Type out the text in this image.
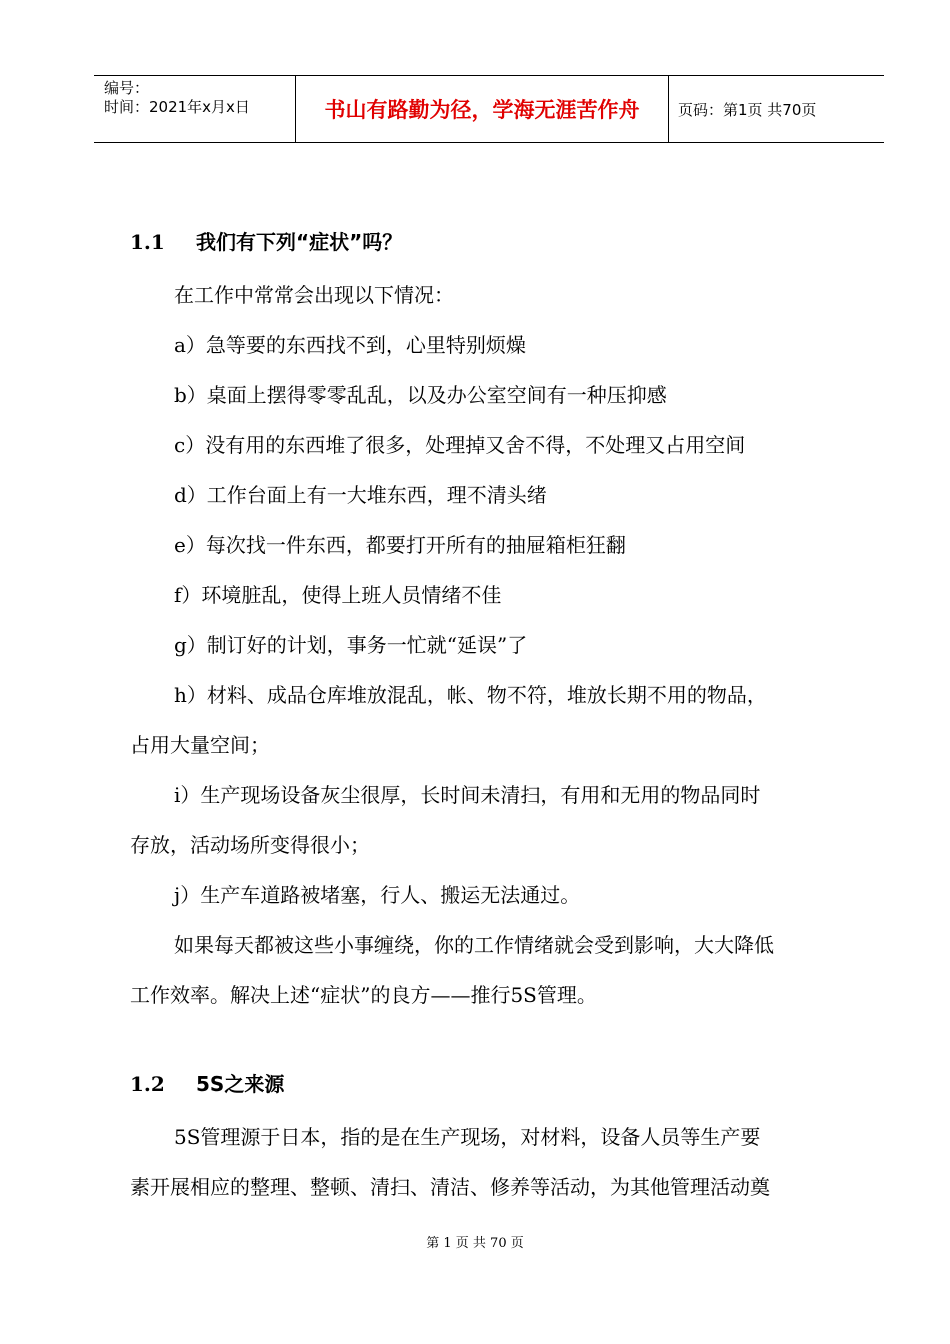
编号：
时间：2021年x月x日	书山有路勤为径，学海无涯苦作舟	页码：第1页 共70页
1.1 我们有下列“症状”吗？

在工作中常常会出现以下情况：

a）急等要的东西找不到，心里特别烦燥

b）桌面上摆得零零乱乱，以及办公室空间有一种压抑感

c）没有用的东西堆了很多，处理掉又舍不得，不处理又占用空间

d）工作台面上有一大堆东西，理不清头绪

e）每次找一件东西，都要打开所有的抽屉箱柜狂翻

f）环境脏乱，使得上班人员情绪不佳

g）制订好的计划，事务一忙就“延误”了

h）材料、成品仓库堆放混乱，帐、物不符，堆放长期不用的物品，

占用大量空间；

i）生产现场设备灰尘很厚，长时间未清扫，有用和无用的物品同时

存放，活动场所变得很小；

j）生产车道路被堵塞，行人、搬运无法通过。

如果每天都被这些小事缠绕，你的工作情绪就会受到影响，大大降低

工作效率。解决上述“症状”的良方——推行5S管理。

1.2 5S之来源

5S管理源于日本，指的是在生产现场，对材料，设备人员等生产要

素开展相应的整理、整顿、清扫、清洁、修养等活动，为其他管理活动奠

第 1 页 共 70 页
